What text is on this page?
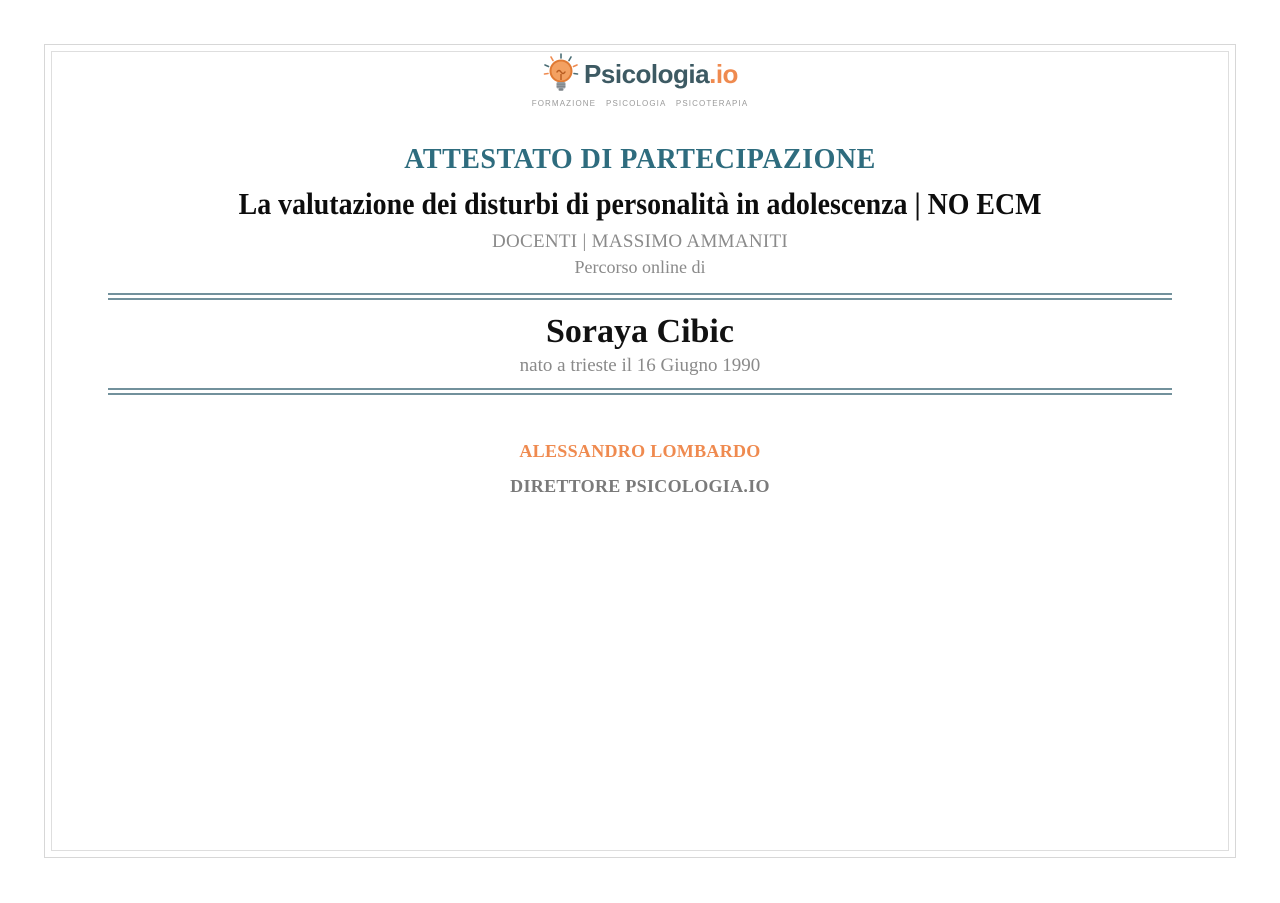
Psicologia.io
FORMAZIONE   PSICOLOGIA   PSICOTERAPIA
ATTESTATO DI PARTECIPAZIONE
La valutazione dei disturbi di personalità in adolescenza | NO ECM
DOCENTI | MASSIMO AMMANITI
Percorso online di
Soraya Cibic
nato a trieste il 16 Giugno 1990
ALESSANDRO LOMBARDO
DIRETTORE PSICOLOGIA.IO
